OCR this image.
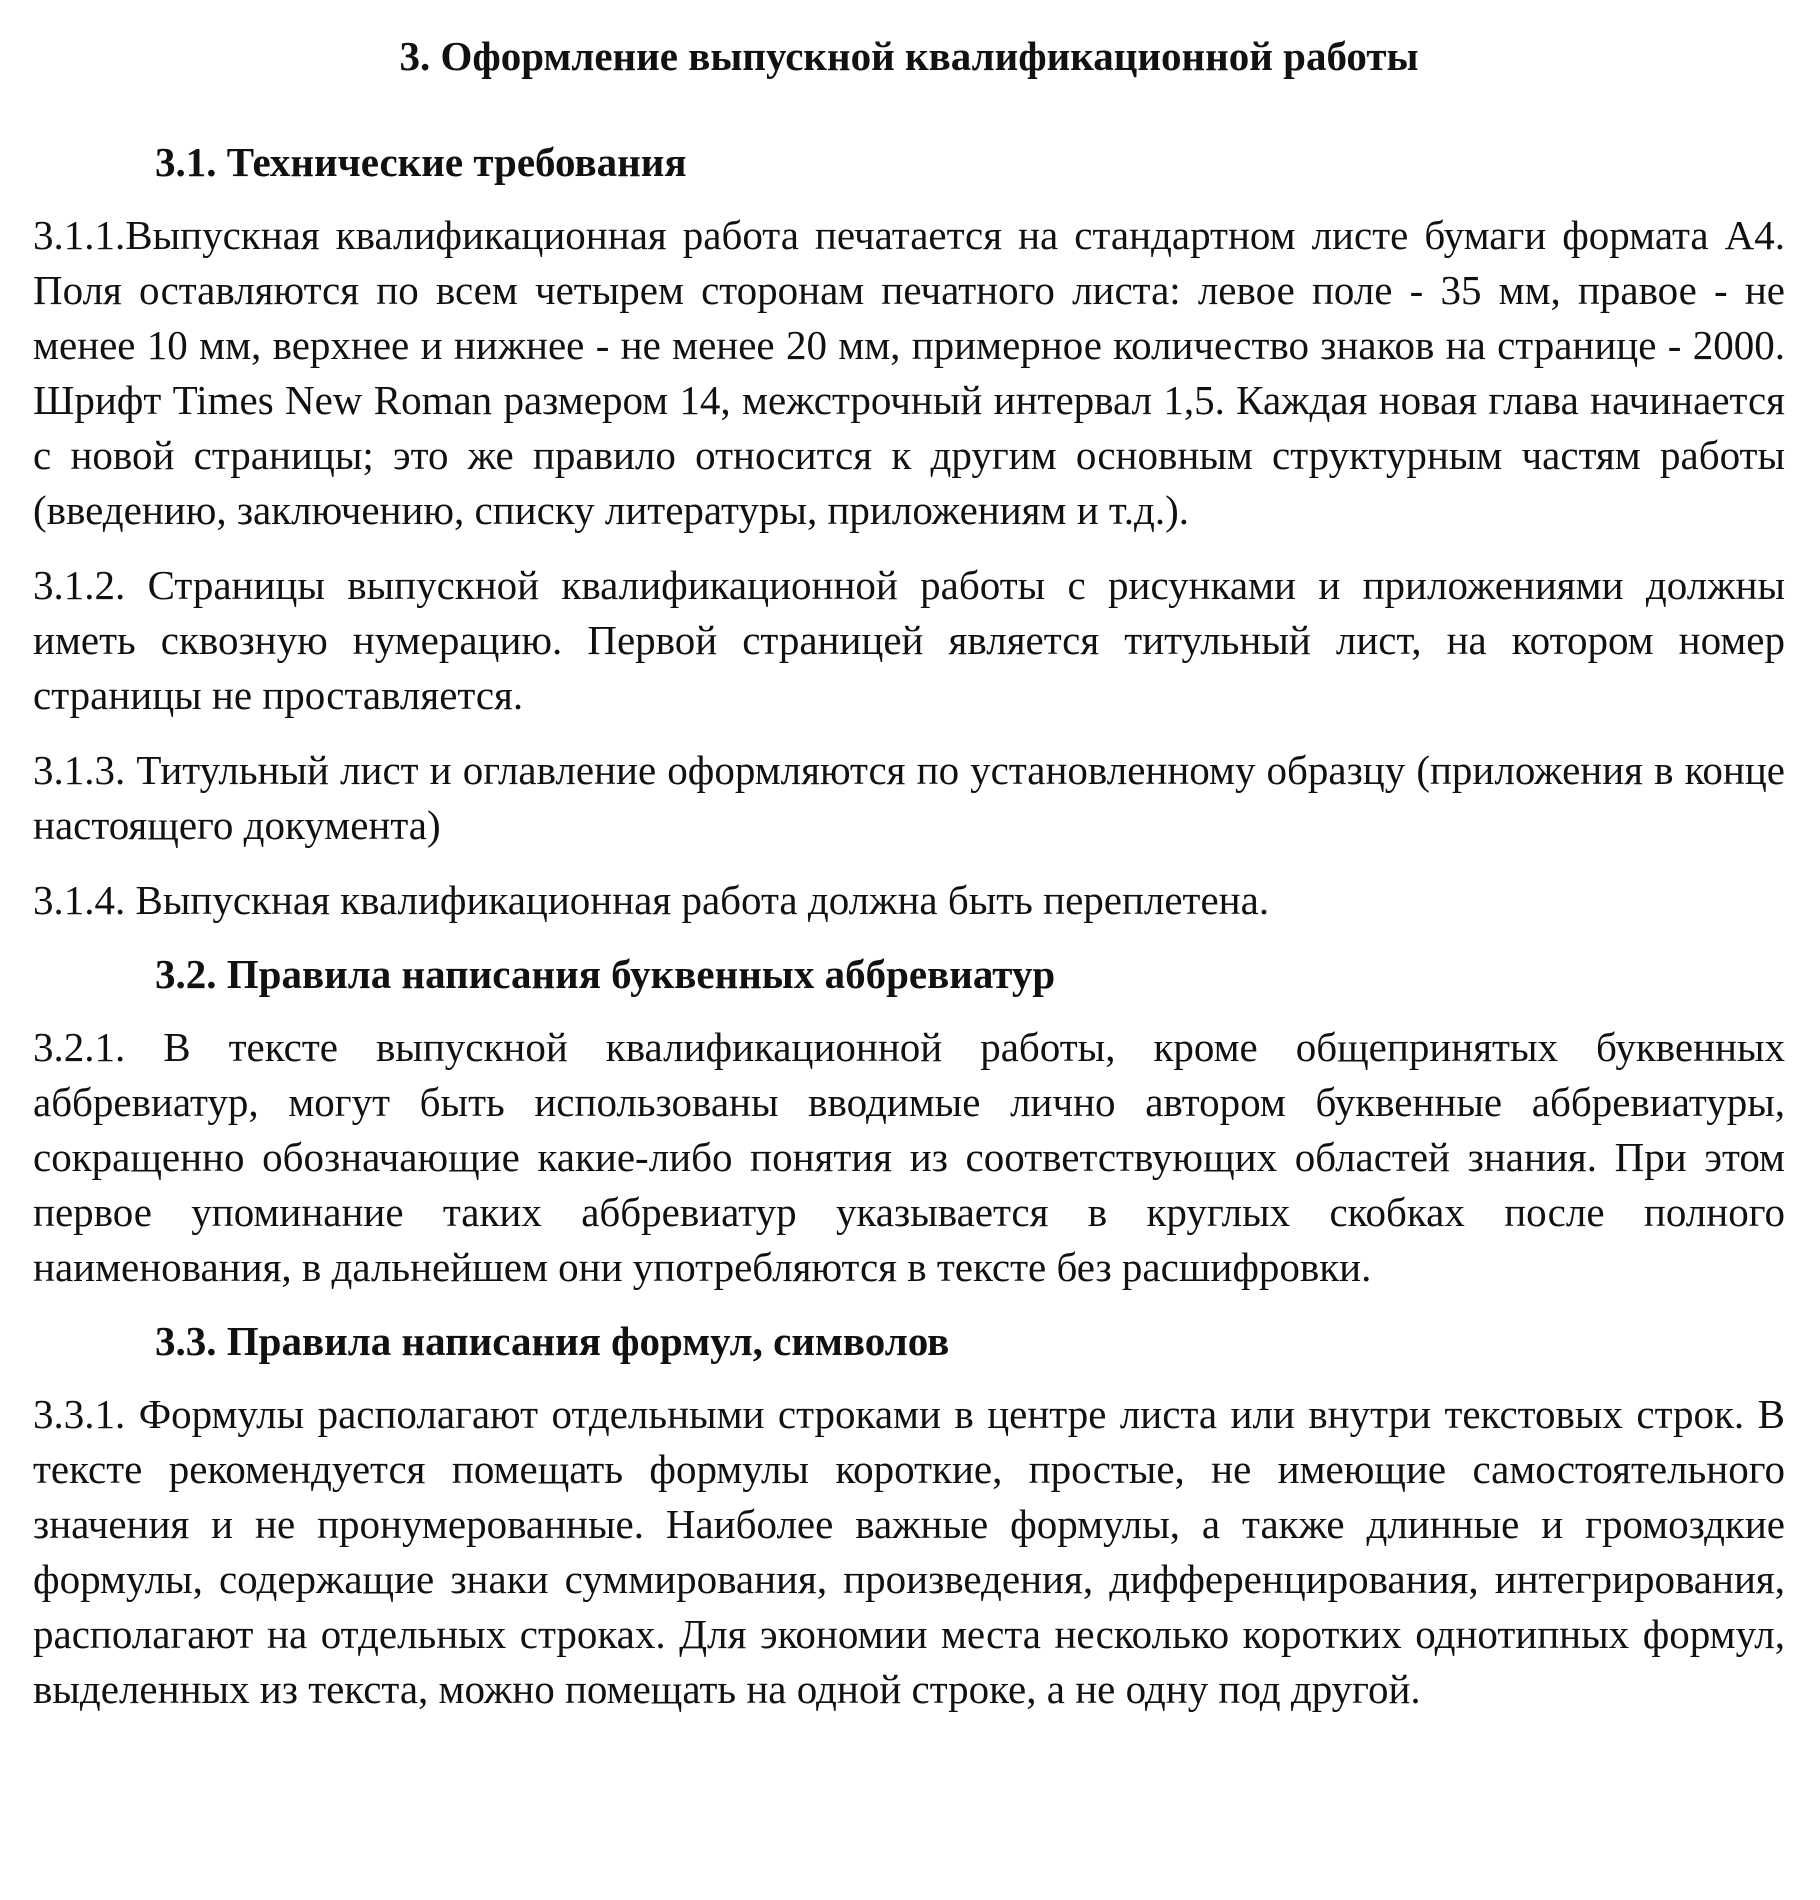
3. Оформление выпускной квалификационной работы
3.1. Технические требования

3.1.1.Выпускная квалификационная работа печатается на стандартном листе бумаги формата А4. Поля оставляются по всем четырем сторонам печатного листа: левое поле - 35 мм, правое - не менее 10 мм, верхнее и нижнее - не менее 20 мм, примерное количество знаков на странице - 2000. Шрифт Times New Roman размером 14, межстрочный интервал 1,5. Каждая новая глава начинается с новой страницы; это же правило относится к другим основным структурным частям работы (введению, заключению, списку литературы, приложениям и т.д.).

3.1.2. Страницы выпускной квалификационной работы с рисунками и приложениями должны иметь сквозную нумерацию. Первой страницей является титульный лист, на котором номер страницы не проставляется.

3.1.3. Титульный лист и оглавление оформляются по установленному образцу (приложения в конце настоящего документа)

3.1.4. Выпускная квалификационная работа должна быть переплетена.

3.2. Правила написания буквенных аббревиатур

3.2.1. В тексте выпускной квалификационной работы, кроме общепринятых буквенных аббревиатур, могут быть использованы вводимые лично автором буквенные аббревиатуры, сокращенно обозначающие какие-либо понятия из соответствующих областей знания. При этом первое упоминание таких аббревиатур указывается в круглых скобках после полного наименования, в дальнейшем они употребляются в тексте без расшифровки.

3.3. Правила написания формул, символов

3.3.1. Формулы располагают отдельными строками в центре листа или внутри текстовых строк. В тексте рекомендуется помещать формулы короткие, простые, не имеющие самостоятельного значения и не пронумерованные. Наиболее важные формулы, а также длинные и громоздкие формулы, содержащие знаки суммирования, произведения, дифференцирования, интегрирования, располагают на отдельных строках. Для экономии места несколько коротких однотипных формул, выделенных из текста, можно помещать на одной строке, а не одну под другой.
